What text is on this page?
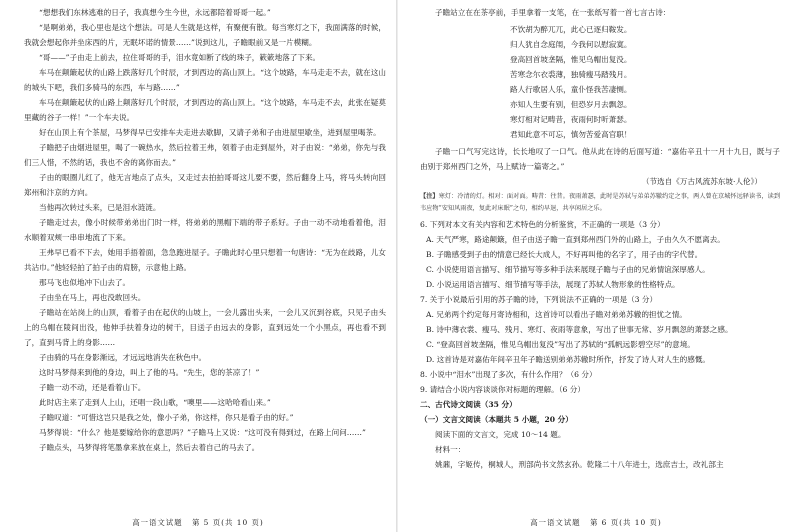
“想想我们东林逃难的日子，我真想今生今世，永远都陪着哥哥一起。”

“是啊弟弟，我心里也是这个想法。可是人生就是这样，有聚便有散。每当寒灯之下，我面满落的时候，我就会想起你并坐床西的片，无眠坏诺的情景……”说到这儿，子瞻眼前又是一片模糊。

“哥——”子由走上前去，拉住哥哥的手，泪水竟如断了线的珠子，簌簌地落了下来。

车马在颠簸起伏的山路上跌落好几个时辰，才到西边的高山顶上。“这个坡路，车马走走不去，就在这山的城头下吧，我们多骑马的东西，车与路……”

车马在颠簸起伏的山路上颠落好几个时辰，才到西边的高山顶上。“这个坡路，车马走不去，此张在疑莫里藏的谷子一样！”一个车夫说。

好在山顶上有个茶屋，马梦得早已安排车夫走进去歇脚，又请子弟和子由进屋里歇坐，进到屋里喝茶。

子瞻把子由烟进屋里，喝了一碗热水，然后拉着王弗，领着子由走到屋外，对子由说：“弟弟，你先与我们三人惜，不然的话，我也不舍的离你而去。”

子由的眼圈儿红了，他无言地点了点头，又走过去拍拍哥哥这儿要不要，然后翻身上马，将马头转向回郑州和汴京的方向。

当他再次转过头来，已是泪水涟涟。

子瞻走过去，像小时候带弟弟出门时一样，将弟弟的黑帽下端的带子系好。子由一动不动地看着他，泪水顺着双颊一串串地流了下来。

王弗早已看不下去，她用手捂着面，急急跑进屋子。子瞻此时心里只想着一句唐诗：“无为在歧路，儿女共沾巾。”他轻轻拍了拍子由的肩膀，示意他上路。

那马飞也似地冲下山去了。

子由坐在马上，再也没敢回头。

子瞻站在站岗上的山顶，看着子由在起伏的山坡上，一会儿露出头来，一会儿又沉到谷底，只见子由头上的乌帽在陵间出没，他伸手扶着身边的树干，目送子由远去的身影，直到远处一个小黑点，再也看不到了，直到马背上的身影……

子由骑的马在身影渐远，才远远地消失在秋色中。

这时马梦得来到他的身边，叫上了他的马。“先生，您的茶凉了！”

子瞻一动不动，还是看着山下。

此时店主来了走到人上山，还唱一段山歌，“噢里——这哈哈看山来。”

子瞻叹道：“可惜这岂只是我之处，像小子弟，你这样，你只是看子由的好。”

马梦得说：“什么？他是要嫁给你的意思吗？”子瞻马上又说：“这可没有得到过，在路上问问……”

子瞻点头，马梦得将笔墨拿来放在桌上，然后去着自己的马去了。

高一语文试题 第 5 页(共 10 页)

子瞻站立在在茶亭前，手里拿着一支笔，在一张纸写着一首七言古诗：

不饮胡为醉兀兀，此心已逐归鞍发。
归人犹自念庭闱，今我何以慰寂寞。
登高回首坡垄隔，惟见乌帽出复没。
苦寒念尔衣裘薄，独骑瘦马踏残月。
路人行歌居人乐，童仆怪我苦凄恻。
亦知人生要有别，但恐岁月去飘忽。
寒灯相对记畴昔，夜雨何时听萧瑟。
君知此意不可忘，慎勿苦爱高官职！

子瞻一口气写完这诗，长长地叹了一口气。他从此在诗的后面写道：“嘉佑辛丑十一月十九日，既与子由别于郑州西门之外，马上赋诗一篇寄之。”

（节选自《万古风流苏东坡·人伦》）
【注】寒灯：冷清的灯。相对：面对面。畴昔：往昔。夜雨萧瑟，此时是苏轼与弟弟苏辙约定之事，两人曾在京城怀远驿读书，读到韦应物“安知风雨夜，复此对床眠”之句，相约早退，共享闲居之乐。

6. 下列对本文有关内容和艺术特色的分析鉴赏，不正确的一项是（3 分）

A. 天气严寒，路途颠簸，但子由送子瞻一直到郑州西门外的山路上，子由久久不愿离去。

B. 子瞻感受到子由的情意已经长大成人，不好再叫他的名字了，用子由的字代替。

C. 小说使用语言描写、细节描写等多种手法来展现子瞻与子由的兄弟情谊深厚感人。

D. 小说运用语言描写、细节描写等手法，展现了苏轼人物形象的性格特点。

7. 关于小说最后引用的苏子瞻的诗，下列说法不正确的一项是（3 分）

A. 兄弟两个约定每月寄诗相和，这首诗可以看出子瞻对弟弟苏辙的担忧之情。

B. 诗中薄衣裳、瘦马、残月、寒灯、夜雨等意象，写出了世事无常、岁月飘忽的萧瑟之感。

C. “登高回首坡垄隔，惟见乌帽出复没”写出了苏轼的“孤帆远影碧空尽”的意境。

D. 这首诗是对嘉佑年间辛丑年子瞻送别弟弟苏辙时所作，抒发了诗人对人生的感慨。

8. 小说中“泪水”出现了多次，有什么作用？（6 分）

9. 请结合小说内容谈谈你对标题的理解。（6 分）

二、古代诗文阅读（35 分）

（一）文言文阅读（本题共 5 小题，20 分）

阅读下面的文言文，完成 10～14 题。

材料一：

姚鼐，字姬传，桐城人，刑部尚书文然玄孙。乾隆二十八年进士，选庶吉士，改礼部主

高一语文试题 第 6 页(共 10 页)
